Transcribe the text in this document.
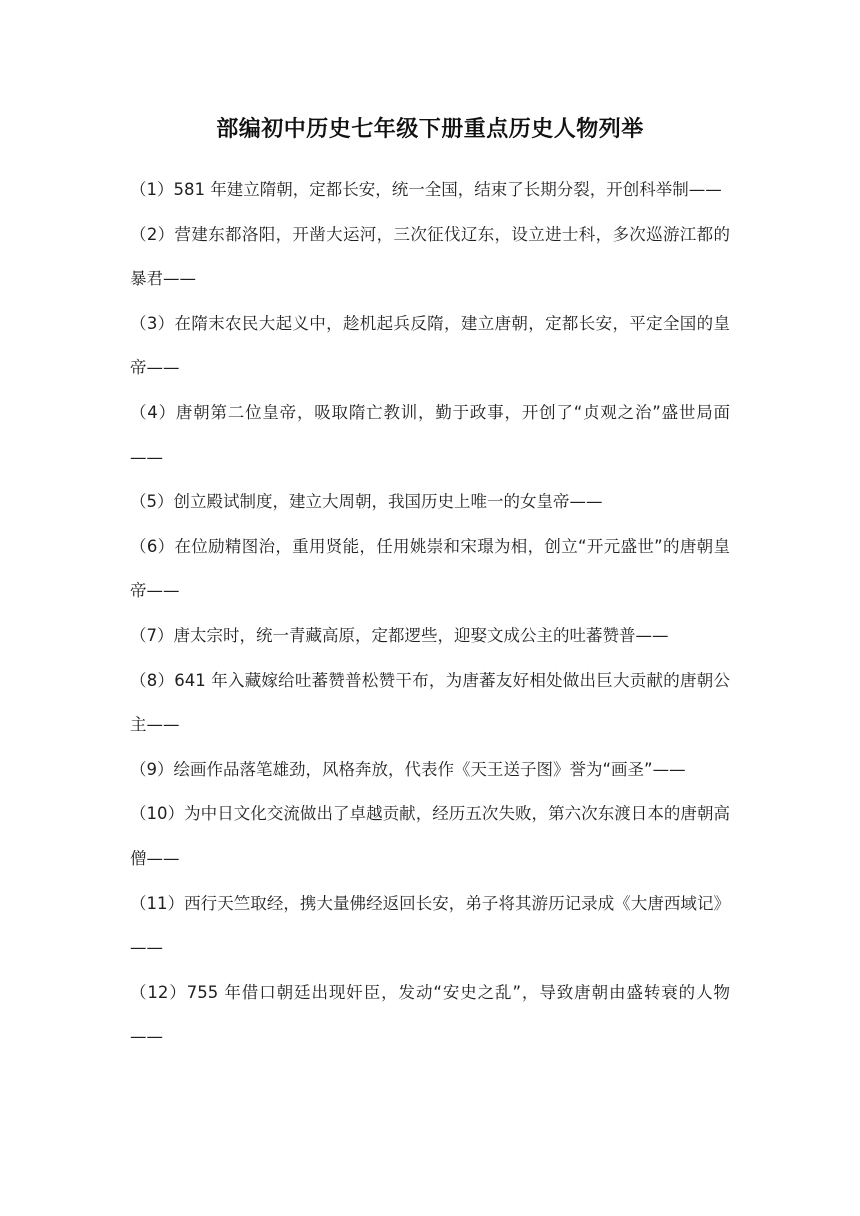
部编初中历史七年级下册重点历史人物列举

（1）581 年建立隋朝，定都长安，统一全国，结束了长期分裂，开创科举制——

（2）营建东都洛阳，开凿大运河，三次征伐辽东，设立进士科，多次巡游江都的暴君——

（3）在隋末农民大起义中，趁机起兵反隋，建立唐朝，定都长安，平定全国的皇帝——

（4）唐朝第二位皇帝，吸取隋亡教训，勤于政事，开创了“贞观之治”盛世局面——

（5）创立殿试制度，建立大周朝，我国历史上唯一的女皇帝——

（6）在位励精图治，重用贤能，任用姚崇和宋璟为相，创立“开元盛世”的唐朝皇帝——

（7）唐太宗时，统一青藏高原，定都逻些，迎娶文成公主的吐蕃赞普——

（8）641 年入藏嫁给吐蕃赞普松赞干布，为唐蕃友好相处做出巨大贡献的唐朝公主——

（9）绘画作品落笔雄劲，风格奔放，代表作《天王送子图》誉为“画圣”——

（10）为中日文化交流做出了卓越贡献，经历五次失败，第六次东渡日本的唐朝高僧——

（11）西行天竺取经，携大量佛经返回长安，弟子将其游历记录成《大唐西域记》——

（12）755 年借口朝廷出现奸臣，发动“安史之乱”，导致唐朝由盛转衰的人物——
